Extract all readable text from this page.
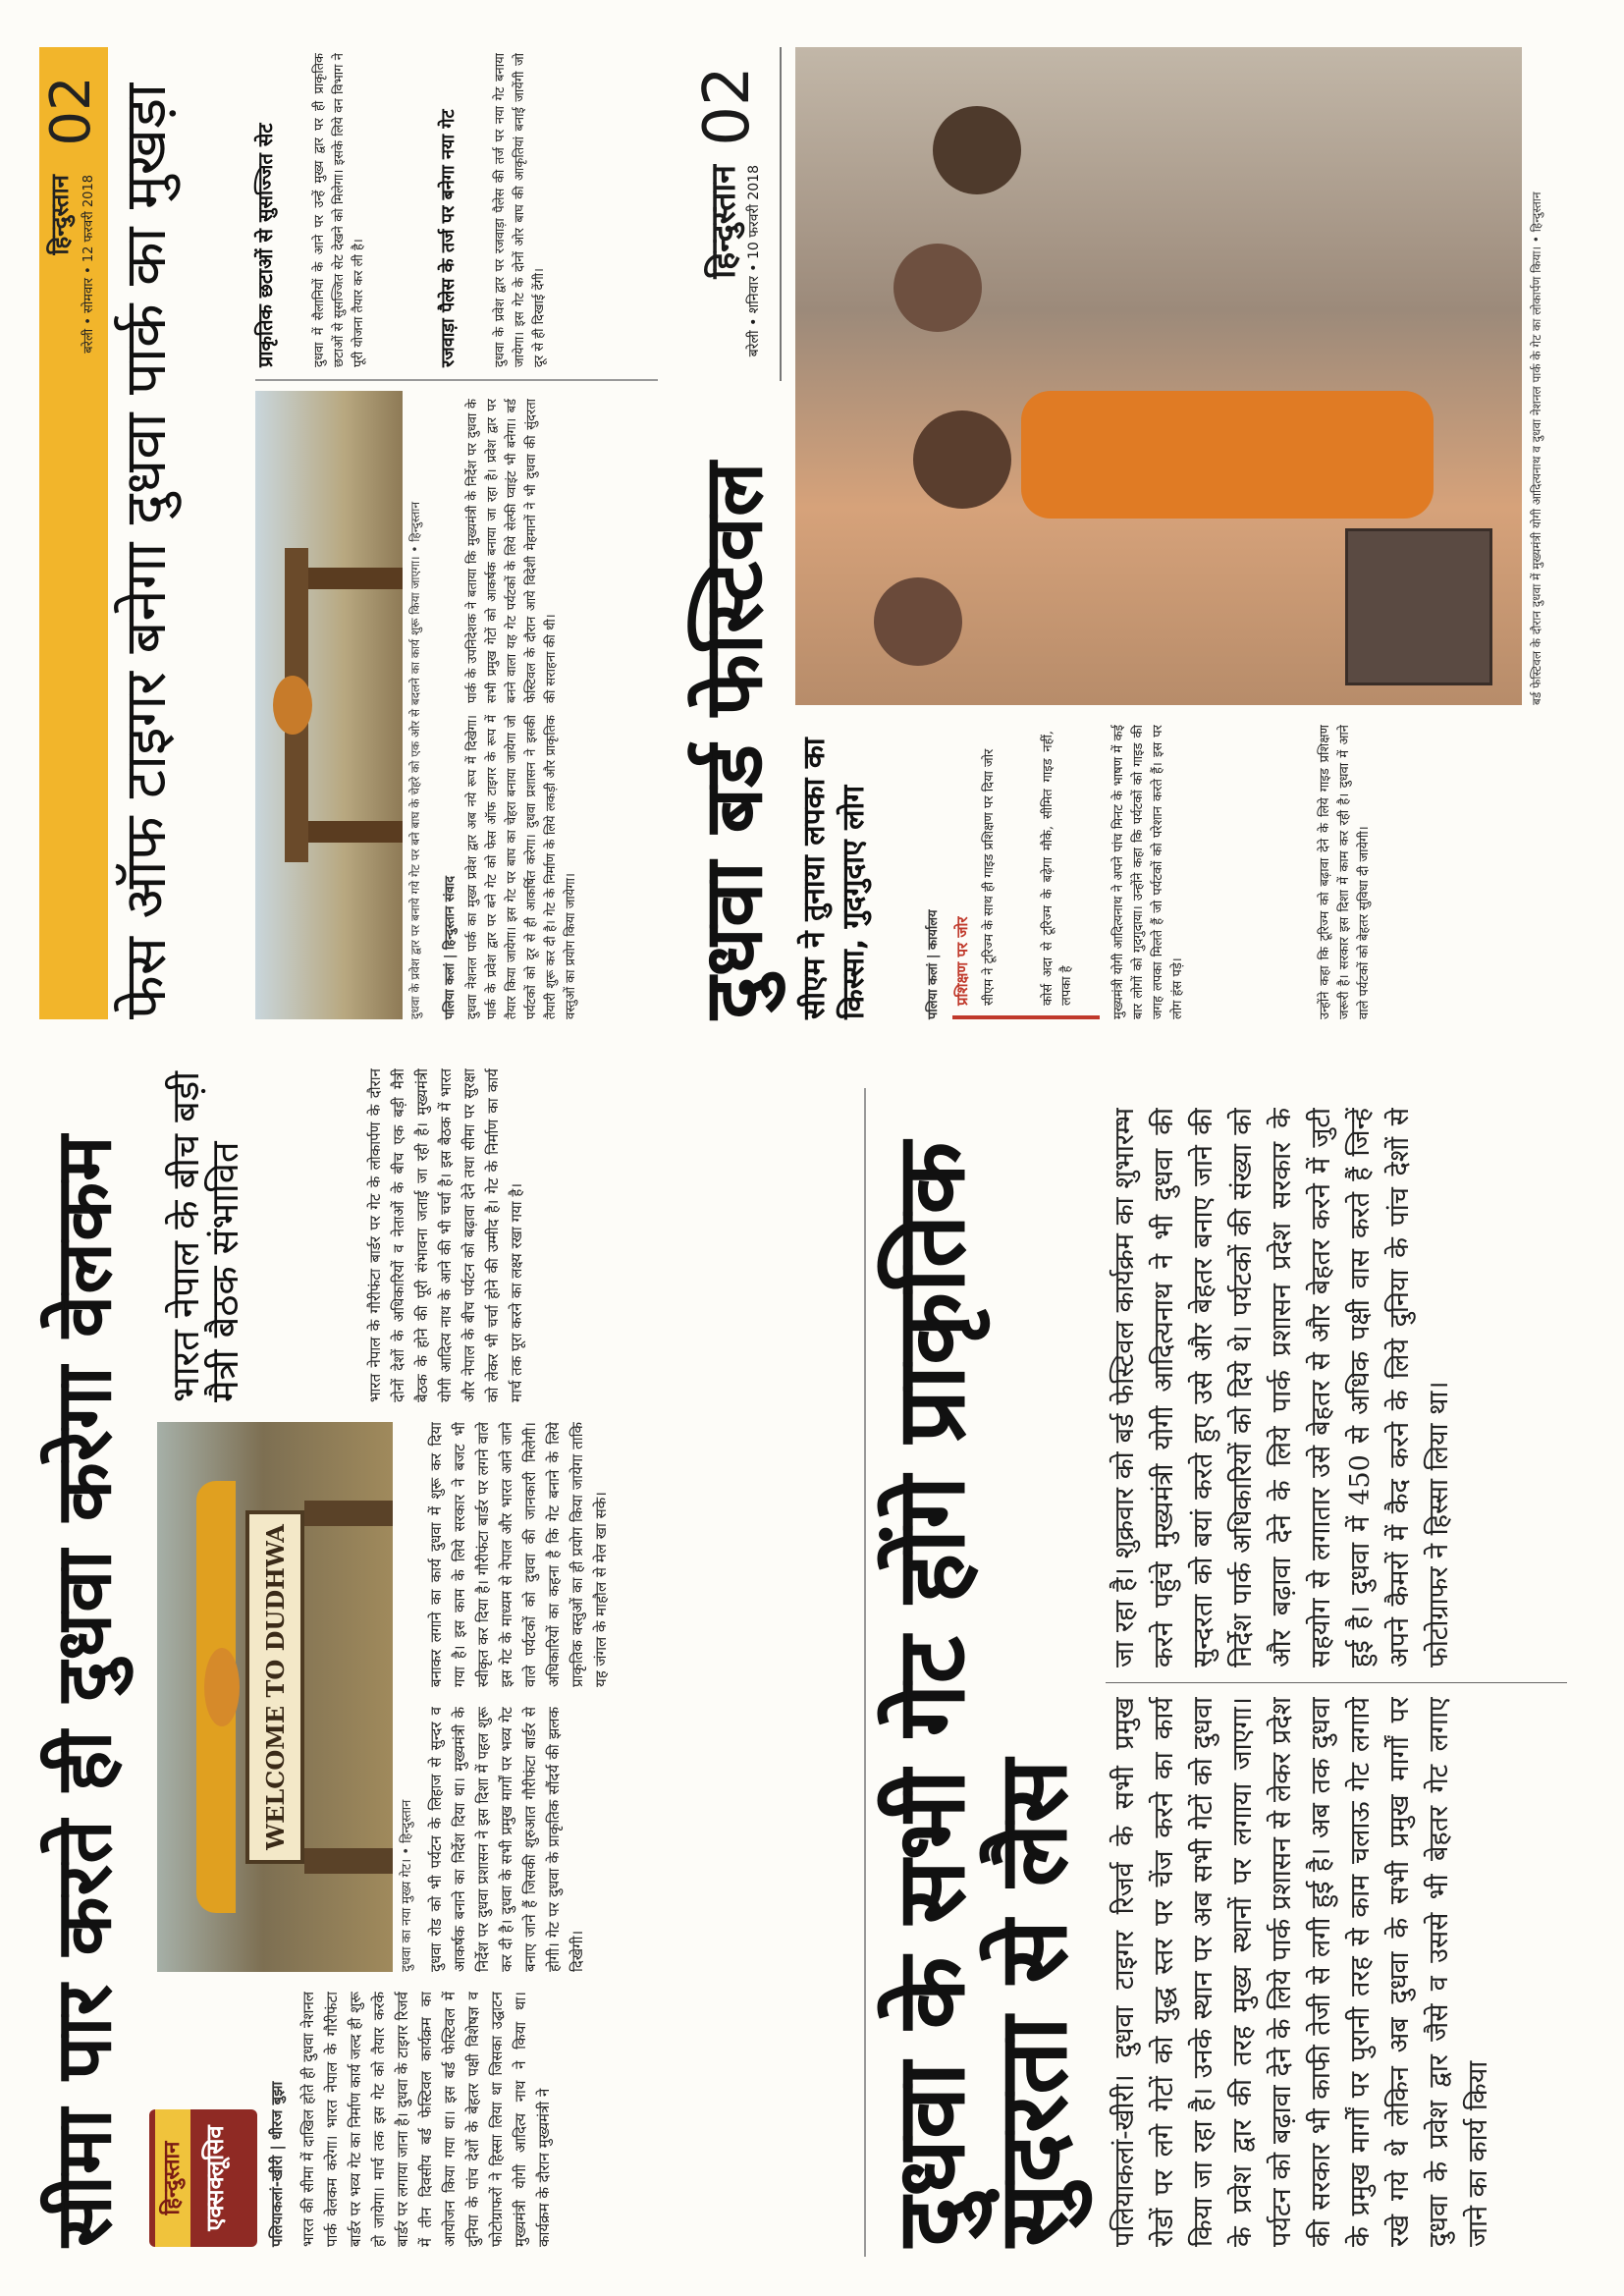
सीमा पार करते ही दुधवा करेगा वेलकम हिन्दुस्तान एक्सक्लूसिव	पलियाकलां-खीरी | धीरज बुझा भारत की सीमा में दाखिल होते ही दुधवा नेशनल पार्क वेलकम करेगा। भारत नेपाल के गौरीफंटा बार्डर पर भव्य गेट का निर्माण कार्य जल्द ही शुरू हो जायेगा। मार्च तक इस गेट को तैयार करके बार्डर पर लगाया जाना है। दुधवा के टाइगर रिजर्व में तीन दिवसीय बर्ड फेस्टिवल कार्यक्रम का आयोजन किया गया था। इस बर्ड फेस्टिवल में दुनिया के पांच देशों के बेहतर पक्षी विशेषज्ञ व फोटोग्राफरों ने हिस्सा लिया था जिसका उद्घाटन मुख्यमंत्री योगी आदित्य नाथ ने किया था। कार्यक्रम के दौरान मुख्यमंत्री ने
WELCOME TO DUDHWA
दुधवा का नया मुख्य गेट। • हिन्दुस्तान दुधवा रोड को भी पर्यटन के लिहाज से सुन्दर व आकर्षक बनाने का निर्देश दिया था। मुख्यमंत्री के निर्देश पर दुधवा प्रशासन ने इस दिशा में पहल शुरू कर दी है। दुधवा के सभी प्रमुख मार्गों पर भव्य गेट बनाए जाने हैं जिसकी शुरुआत गौरीफंटा बार्डर से होगी। गेट पर दुधवा के प्राकृतिक सौंदर्य की झलक दिखेगी।
बनाकर लगाने का कार्य दुधवा में शुरू कर दिया गया है। इस काम के लिये सरकार ने बजट भी स्वीकृत कर दिया है। गौरीफंटा बार्डर पर लगने वाले इस गेट के माध्यम से नेपाल और भारत आने जाने वाले पर्यटकों को दुधवा की जानकारी मिलेगी। अधिकारियों का कहना है कि गेट बनाने के लिये प्राकृतिक वस्तुओं का ही प्रयोग किया जायेगा ताकि यह जंगल के माहौल से मेल खा सके।
भारत नेपाल के बीच बड़ी मैत्री बैठक संभावित	भारत नेपाल के गौरीफंटा बार्डर पर गेट के लोकार्पण के दौरान दोनों देशों के अधिकारियों व नेताओं के बीच एक बड़ी मैत्री बैठक के होने की पूरी संभावना जताई जा रही है। मुख्यमंत्री योगी आदित्य नाथ के आने की भी चर्चा है। इस बैठक में भारत और नेपाल के बीच पर्यटन को बढ़ावा देने तथा सीमा पर सुरक्षा को लेकर भी चर्चा होने की उम्मीद है। गेट के निर्माण का कार्य मार्च तक पूरा करने का लक्ष्य रखा गया है।	दुधवा के सभी गेट होंगे प्राकृतिक सुंदरता से लैस पलियाकलां-खीरी। दुधवा टाइगर रिजर्व के सभी प्रमुख रोडों पर लगे गेटों को युद्ध स्तर पर चेंज करने का कार्य किया जा रहा है। उनके स्थान पर अब सभी गेटों को दुधवा के प्रवेश द्वार की तरह मुख्य स्थानों पर लगाया जाएगा। पर्यटन को बढ़ावा देने के लिये पार्क प्रशासन से लेकर प्रदेश की सरकार भी काफी तेजी से लगी हुई है। अब तक दुधवा के प्रमुख मार्गों पर पुरानी तरह से काम चलाऊ गेट लगाये रखे गये थे लेकिन अब दुधवा के सभी प्रमुख मार्गों पर दुधवा के प्रवेश द्वार जैसे व उससे भी बेहतर गेट लगाए जाने का कार्य किया
जा रहा है। शुक्रवार को बर्ड फेस्टिवल कार्यक्रम का शुभारम्भ करने पहुंचे मुख्यमंत्री योगी आदित्यनाथ ने भी दुधवा की सुन्दरता को बयां करते हुए उसे और बेहतर बनाए जाने की निर्देश पार्क अधिकारियों को दिये थे। पर्यटकों की संख्या को और बढ़ावा देने के लिये पार्क प्रशासन प्रदेश सरकार के सहयोग से लगातार उसे बेहतर से और बेहतर करने में जुटी हुई है। दुधवा में 450 से अधिक पक्षी वास करते हैं जिन्हें अपने कैमरों में कैद करने के लिये दुनिया के पांच देशों से फोटोग्राफर ने हिस्सा लिया था।
हिन्दुस्तान बरेली • सोमवार • 12 फरवरी 2018
02 फेस ऑफ टाइगर बनेगा दुधवा पार्क का मुखड़ा	दुधवा के प्रवेश द्वार पर बनाये गये गेट पर बने बाघ के चेहरे को एक ओर से बदलने का कार्य शुरू किया जाएगा। • हिन्दुस्तान पलिया कलां | हिन्दुस्तान संवाद दुधवा नेशनल पार्क का मुख्य प्रवेश द्वार अब नये रूप में दिखेगा। पार्क के प्रवेश द्वार पर बने गेट को फेस ऑफ टाइगर के रूप में तैयार किया जायेगा। इस गेट पर बाघ का चेहरा बनाया जायेगा जो पर्यटकों को दूर से ही आकर्षित करेगा। दुधवा प्रशासन ने इसकी तैयारी शुरू कर दी है। गेट के निर्माण के लिये लकड़ी और प्राकृतिक वस्तुओं का प्रयोग किया जायेगा।
पार्क के उपनिदेशक ने बताया कि मुख्यमंत्री के निर्देश पर दुधवा के सभी प्रमुख गेटों को आकर्षक बनाया जा रहा है। प्रवेश द्वार पर बनने वाला यह गेट पर्यटकों के लिये सेल्फी प्वाइंट भी बनेगा। बर्ड फेस्टिवल के दौरान आये विदेशी मेहमानों ने भी दुधवा की सुंदरता की सराहना की थी।
प्राकृतिक छटाओं से सुसज्जित सेट	दुधवा में सैलानियों के आने पर उन्हें मुख्य द्वार पर ही प्राकृतिक छटाओं से सुसज्जित सेट देखने को मिलेगा। इसके लिये वन विभाग ने पूरी योजना तैयार कर ली है।	रजवाड़ा पैलेस के तर्ज पर बनेगा नया गेट	दुधवा के प्रवेश द्वार पर रजवाड़ा पैलेस की तर्ज पर नया गेट बनाया जायेगा। इस गेट के दोनों ओर बाघ की आकृतियां बनाई जायेंगी जो दूर से ही दिखाई देंगी।
दुधवा बर्ड फेस्टिवल
हिन्दुस्तान बरेली • शनिवार • 10 फरवरी 2018
02
सीएम ने तुनाया लपका का किस्सा, गुदगुदाए लोग	पलिया कलां | कार्यालय प्रशिक्षण पर जोर सीएम ने टूरिज्म के साथ ही गाइड प्रशिक्षण पर दिया जोर	कोर्स अदा से टूरिज्म के बढ़ेगा मौके, सीमित गाइड नहीं, लपका है	मुख्यमंत्री योगी आदित्यनाथ ने अपने पांच मिनट के भाषण में कई बार लोगों को गुदगुदाया। उन्होंने कहा कि पर्यटकों को गाइड की जगह लपका मिलते हैं जो पर्यटकों को परेशान करते हैं। इस पर लोग हंस पड़े।	उन्होंने कहा कि टूरिज्म को बढ़ावा देने के लिये गाइड प्रशिक्षण जरूरी है। सरकार इस दिशा में काम कर रही है। दुधवा में आने वाले पर्यटकों को बेहतर सुविधा दी जायेगी।
बर्ड फेस्टिवल के दौरान दुधवा में मुख्यमंत्री योगी आदित्यनाथ व दुधवा नेशनल पार्क के गेट का लोकार्पण किया। • हिन्दुस्तान
